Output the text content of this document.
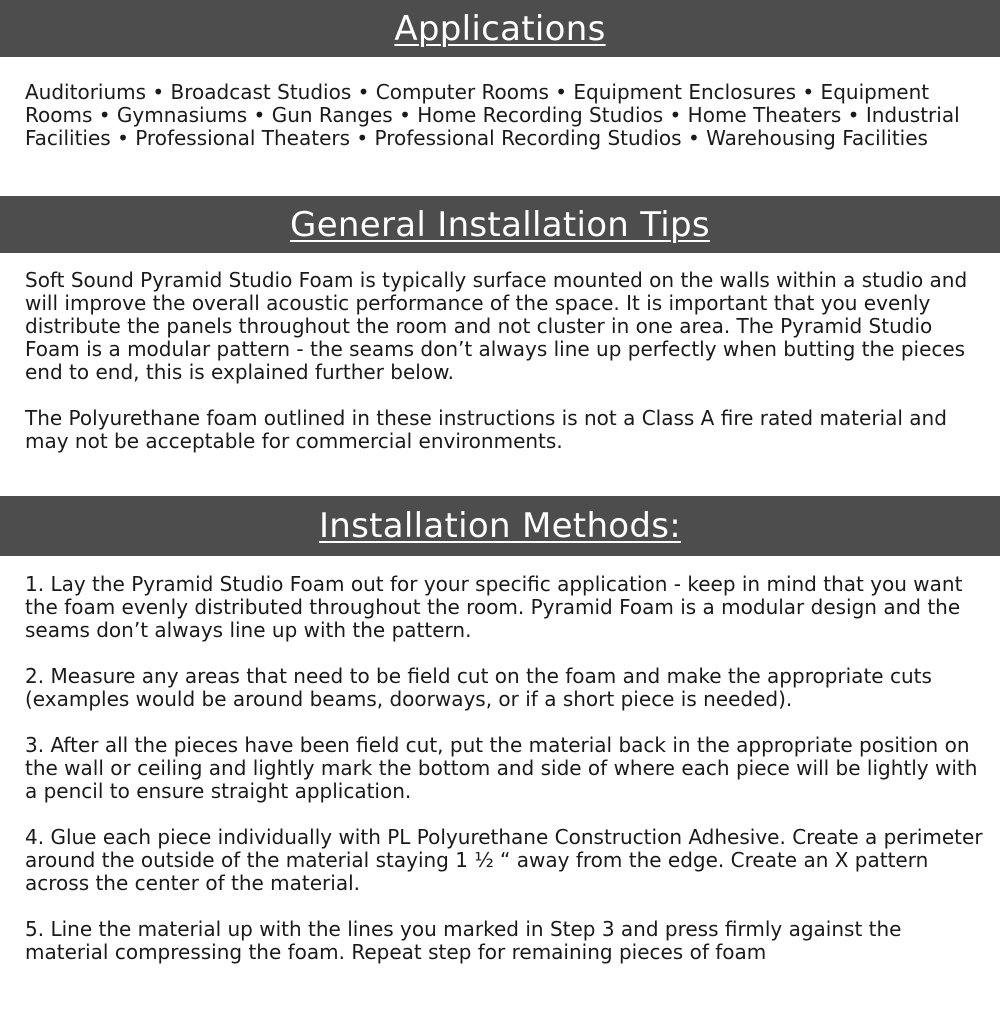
Applications

Auditoriums • Broadcast Studios • Computer Rooms • Equipment Enclosures • Equipment Rooms • Gymnasiums • Gun Ranges • Home Recording Studios • Home Theaters • Industrial Facilities • Professional Theaters • Professional Recording Studios • Warehousing Facilities

General Installation Tips

Soft Sound Pyramid Studio Foam is typically surface mounted on the walls within a studio and will improve the overall acoustic performance of the space. It is important that you evenly distribute the panels throughout the room and not cluster in one area. The Pyramid Studio Foam is a modular pattern - the seams don’t always line up perfectly when butting the pieces end to end, this is explained further below.

The Polyurethane foam outlined in these instructions is not a Class A fire rated material and may not be acceptable for commercial environments.

Installation Methods:

1. Lay the Pyramid Studio Foam out for your specific application - keep in mind that you want the foam evenly distributed throughout the room. Pyramid Foam is a modular design and the seams don’t always line up with the pattern.

2. Measure any areas that need to be field cut on the foam and make the appropriate cuts (examples would be around beams, doorways, or if a short piece is needed).

3. After all the pieces have been field cut, put the material back in the appropriate position on the wall or ceiling and lightly mark the bottom and side of where each piece will be lightly with a pencil to ensure straight application.

4. Glue each piece individually with PL Polyurethane Construction Adhesive. Create a perimeter around the outside of the material staying 1 ½ “ away from the edge. Create an X pattern across the center of the material.

5. Line the material up with the lines you marked in Step 3 and press firmly against the material compressing the foam. Repeat step for remaining pieces of foam
